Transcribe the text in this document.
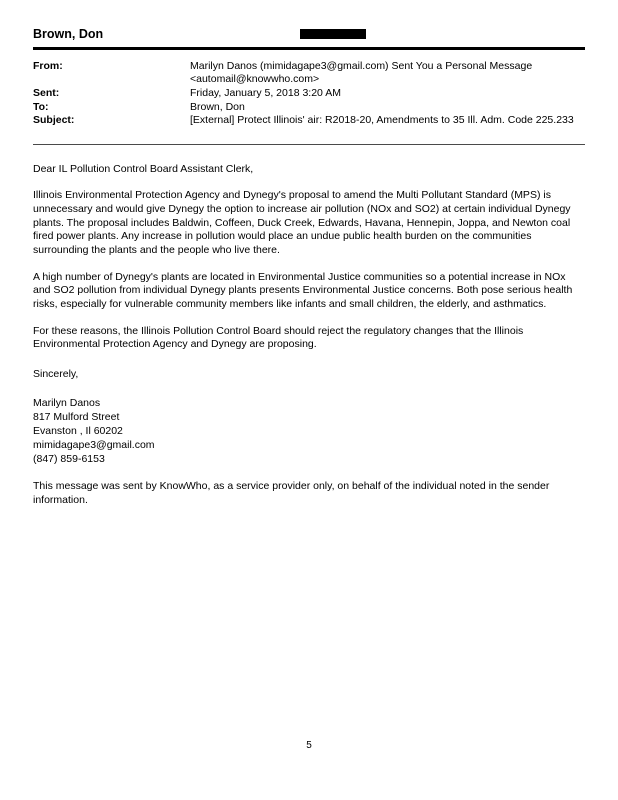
Brown, Don
From:	Marilyn Danos (mimidagape3@gmail.com) Sent You a Personal Message
<automail@knowwho.com>
Sent:	Friday, January 5, 2018 3:20 AM
To:	Brown, Don
Subject:	[External] Protect Illinois' air: R2018-20, Amendments to 35 Ill. Adm. Code 225.233

Dear IL Pollution Control Board Assistant Clerk,

Illinois Environmental Protection Agency and Dynegy's proposal to amend the Multi Pollutant Standard (MPS) is unnecessary and would give Dynegy the option to increase air pollution (NOx and SO2) at certain individual Dynegy plants. The proposal includes Baldwin, Coffeen, Duck Creek, Edwards, Havana, Hennepin, Joppa, and Newton coal fired power plants. Any increase in pollution would place an undue public health burden on the communities surrounding the plants and the people who live there.

A high number of Dynegy's plants are located in Environmental Justice communities so a potential increase in NOx and SO2 pollution from individual Dynegy plants presents Environmental Justice concerns. Both pose serious health risks, especially for vulnerable community members like infants and small children, the elderly, and asthmatics.

For these reasons, the Illinois Pollution Control Board should reject the regulatory changes that the Illinois Environmental Protection Agency and Dynegy are proposing.

Sincerely,

Marilyn Danos
817 Mulford Street
Evanston , Il 60202
mimidagape3@gmail.com
(847) 859-6153

This message was sent by KnowWho, as a service provider only, on behalf of the individual noted in the sender information.

5
